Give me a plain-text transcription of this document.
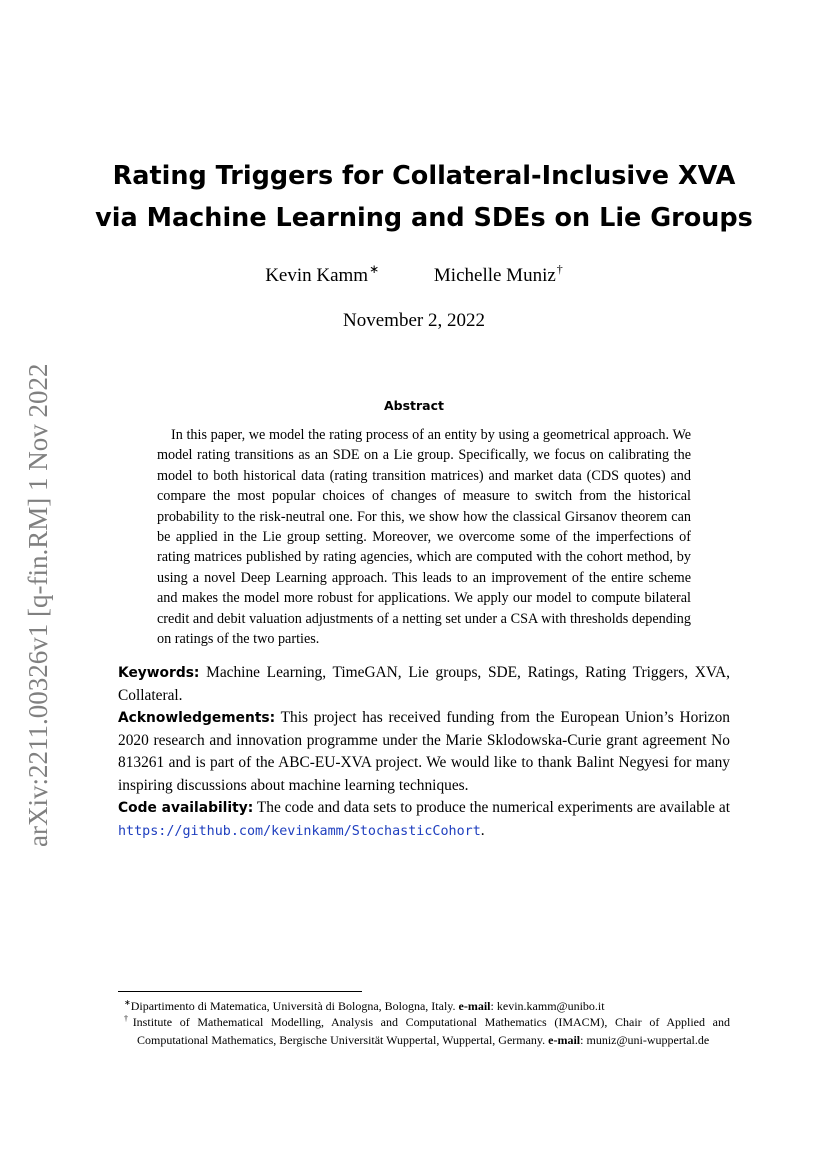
arXiv:2211.00326v1 [q-fin.RM] 1 Nov 2022
Rating Triggers for Collateral-Inclusive XVA
via Machine Learning and SDEs on Lie Groups
Kevin Kamm∗	Michelle Muniz†
November 2, 2022
Abstract

In this paper, we model the rating process of an entity by using a geometrical approach. We model rating transitions as an SDE on a Lie group. Specifically, we focus on calibrating the model to both historical data (rating transition matrices) and market data (CDS quotes) and compare the most popular choices of changes of measure to switch from the historical probability to the risk-neutral one. For this, we show how the classical Girsanov theorem can be applied in the Lie group setting. Moreover, we overcome some of the imperfections of rating matrices published by rating agencies, which are computed with the cohort method, by using a novel Deep Learning approach. This leads to an improvement of the entire scheme and makes the model more robust for applications. We apply our model to compute bilateral credit and debit valuation adjustments of a netting set under a CSA with thresholds depending on ratings of the two parties.

Keywords: Machine Learning, TimeGAN, Lie groups, SDE, Ratings, Rating Triggers, XVA, Collateral.

Acknowledgements: This project has received funding from the European Union’s Horizon 2020 research and innovation programme under the Marie Sklodowska-Curie grant agreement No 813261 and is part of the ABC-EU-XVA project. We would like to thank Balint Negyesi for many inspiring discussions about machine learning techniques.

Code availability: The code and data sets to produce the numerical experiments are available at https://github.com/kevinkamm/StochasticCohort.

∗Dipartimento di Matematica, Università di Bologna, Bologna, Italy. e-mail: kevin.kamm@unibo.it

†Institute of Mathematical Modelling, Analysis and Computational Mathematics (IMACM), Chair of Applied and Computational Mathematics, Bergische Universität Wuppertal, Wuppertal, Germany. e-mail: muniz@uni-wuppertal.de
